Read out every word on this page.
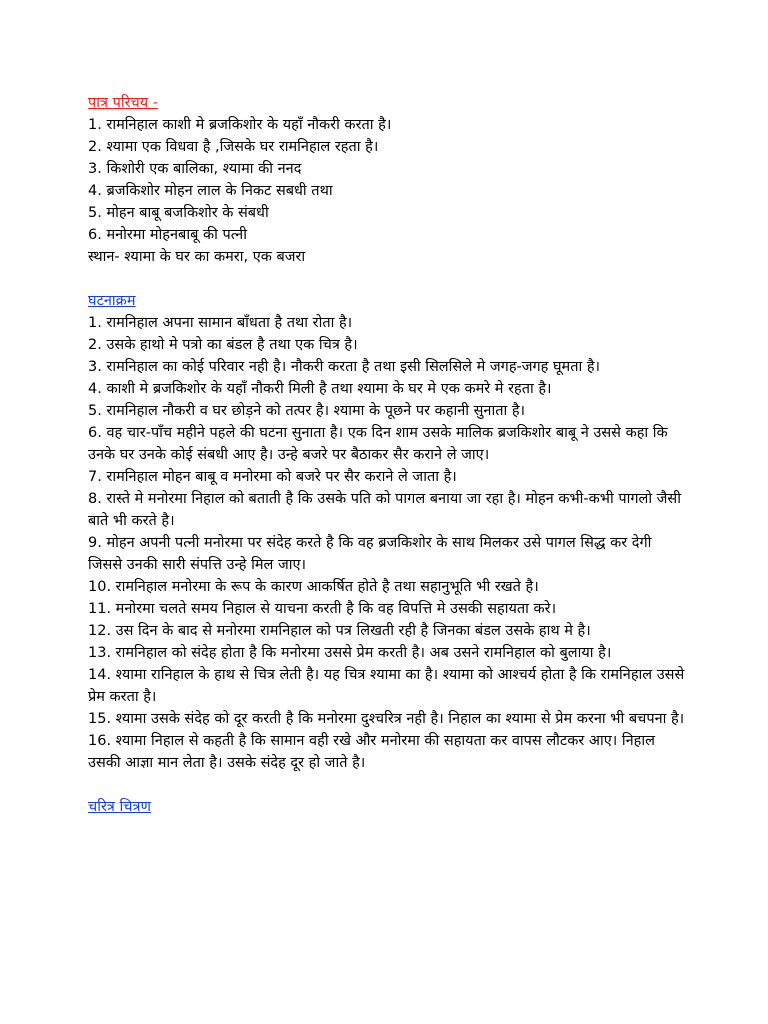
पात्र परिचय -
1. रामनिहाल काशी मे ब्रजकिशोर के यहाँ नौकरी करता है।
2. श्यामा एक विधवा है ,जिसके घर रामनिहाल रहता है।
3. किशोरी एक बालिका, श्यामा की ननद
4. ब्रजकिशोर मोहन लाल के निकट सबधी तथा
5. मोहन बाबू बजकिशोर के संबधी
6. मनोरमा मोहनबाबू की पत्नी
स्थान- श्यामा के घर का कमरा, एक बजरा
घटनाक्रम
1. रामनिहाल अपना सामान बाँधता है तथा रोता है।
2. उसके हाथो मे पत्रो का बंडल है तथा एक चित्र है।
3. रामनिहाल का कोई परिवार नही है। नौकरी करता है तथा इसी सिलसिले मे जगह-जगह घूमता है।
4. काशी मे ब्रजकिशोर के यहाँ नौकरी मिली है तथा श्यामा के घर मे एक कमरे मे रहता है।
5. रामनिहाल नौकरी व घर छोड़ने को तत्पर है। श्यामा के पूछने पर कहानी सुनाता है।
6. वह चार-पाँच महीने पहले की घटना सुनाता है। एक दिन शाम उसके मालिक ब्रजकिशोर बाबू ने उससे कहा कि उनके घर उनके कोई संबधी आए है। उन्हे बजरे पर बैठाकर सैर कराने ले जाए।
7. रामनिहाल मोहन बाबू व मनोरमा को बजरे पर सैर कराने ले जाता है।
8. रास्ते मे मनोरमा निहाल को बताती है कि उसके पति को पागल बनाया जा रहा है। मोहन कभी-कभी पागलो जैसी बाते भी करते है।
9. मोहन अपनी पत्नी मनोरमा पर संदेह करते है कि वह ब्रजकिशोर के साथ मिलकर उसे पागल सिद्ध कर देगी जिससे उनकी सारी संपत्ति उन्हे मिल जाए।
10. रामनिहाल मनोरमा के रूप के कारण आकर्षित होते है तथा सहानुभूति भी रखते है।
11. मनोरमा चलते समय निहाल से याचना करती है कि वह विपत्ति मे उसकी सहायता करे।
12. उस दिन के बाद से मनोरमा रामनिहाल को पत्र लिखती रही है जिनका बंडल उसके हाथ मे है।
13. रामनिहाल को संदेह होता है कि मनोरमा उससे प्रेम करती है। अब उसने रामनिहाल को बुलाया है।
14. श्यामा रानिहाल के हाथ से चित्र लेती है। यह चित्र श्यामा का है। श्यामा को आश्चर्य होता है कि रामनिहाल उससे प्रेम करता है।
15. श्यामा उसके संदेह को दूर करती है कि मनोरमा दुश्चरित्र नही है। निहाल का श्यामा से प्रेम करना भी बचपना है।
16. श्यामा निहाल से कहती है कि सामान वही रखे और मनोरमा की सहायता कर वापस लौटकर आए। निहाल उसकी आज्ञा मान लेता है। उसके संदेह दूर हो जाते है।
चरित्र चित्रण
